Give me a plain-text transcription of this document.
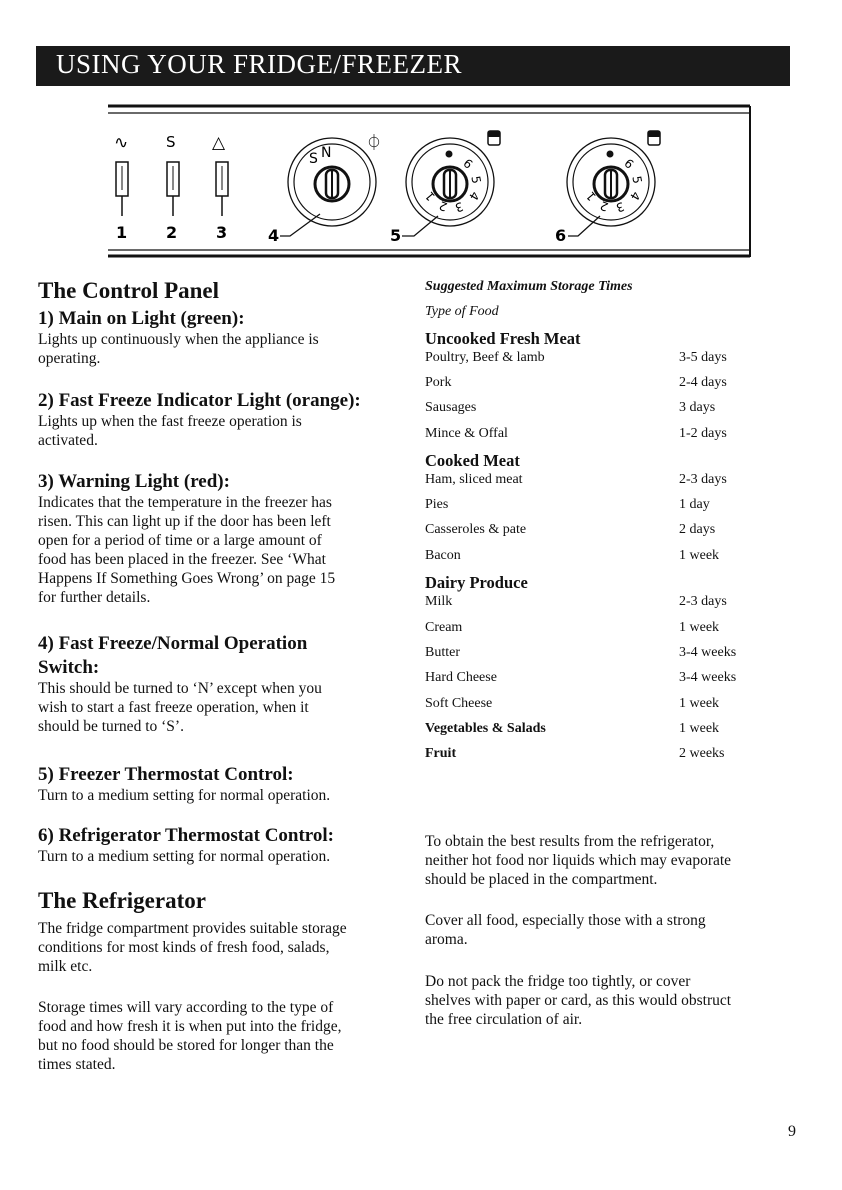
USING YOUR FRIDGE/FREEZER
∿	S △
1 2 3	4	5	6
S N
⏀
6
5
4
3
2
1
6
5
4
3
2
1
The Control Panel
1) Main on Light (green):
Lights up continuously when the appliance is
operating.
2) Fast Freeze Indicator Light (orange):
Lights up when the fast freeze operation is
activated.
3) Warning Light (red):
Indicates that the temperature in the freezer has
risen. This can light up if the door has been left
open for a period of time or a large amount of
food has been placed in the freezer. See ‘What
Happens If Something Goes Wrong’ on page 15
for further details.
4) Fast Freeze/Normal Operation
Switch:
This should be turned to ‘N’ except when you
wish to start a fast freeze operation, when it
should be turned to ‘S’.
5) Freezer Thermostat Control:
Turn to a medium setting for normal operation.
6) Refrigerator Thermostat Control:
Turn to a medium setting for normal operation.
The Refrigerator
The fridge compartment provides suitable storage
conditions for most kinds of fresh food, salads,
milk etc.
Storage times will vary according to the type of
food and how fresh it is when put into the fridge,
but no food should be stored for longer than the
times stated.
Suggested Maximum Storage Times
Type of Food
Uncooked Fresh Meat
Poultry, Beef & lamb	3-5 days
Pork	2-4 days
Sausages	3 days
Mince & Offal	1-2 days
Cooked Meat
Ham, sliced meat	2-3 days
Pies	1 day
Casseroles & pate	2 days
Bacon	1 week
Dairy Produce
Milk	2-3 days
Cream	1 week
Butter	3-4 weeks
Hard Cheese	3-4 weeks
Soft Cheese	1 week
Vegetables & Salads	1 week
Fruit	2 weeks
To obtain the best results from the refrigerator,
neither hot food nor liquids which may evaporate
should be placed in the compartment.
Cover all food, especially those with a strong
aroma.
Do not pack the fridge too tightly, or cover
shelves with paper or card, as this would obstruct
the free circulation of air.
9
